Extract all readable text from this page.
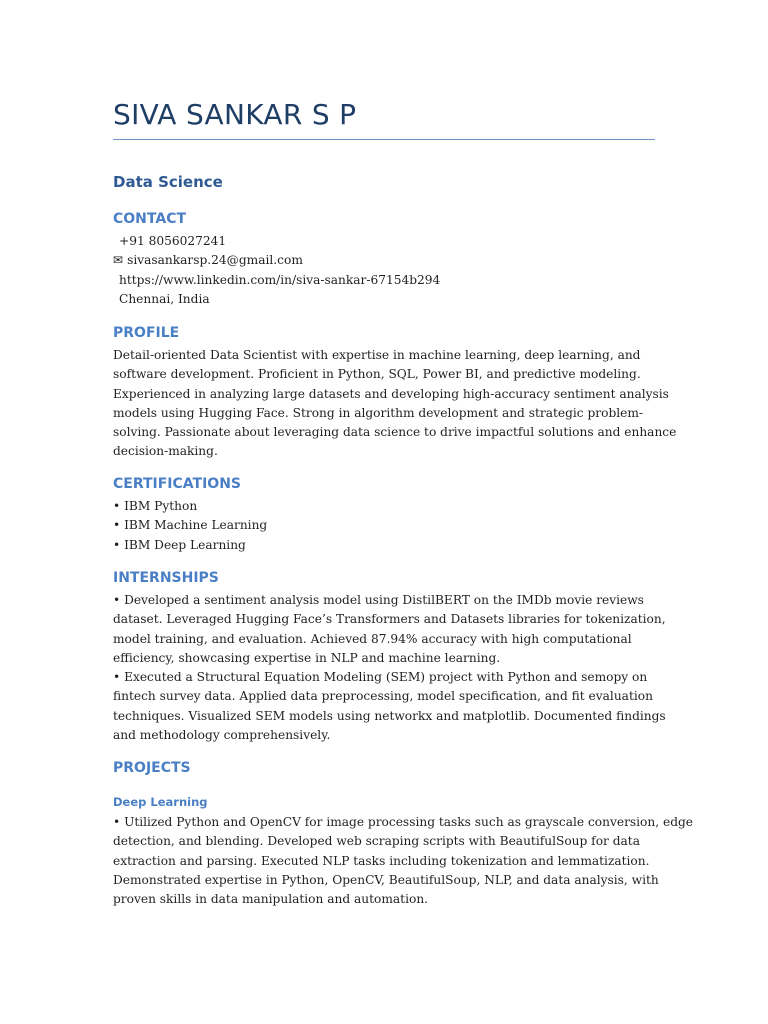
SIVA SANKAR S P
Data Science
CONTACT
+91 8056027241
✉ sivasankarsp.24@gmail.com
https://www.linkedin.com/in/siva-sankar-67154b294
Chennai, India
PROFILE
Detail-oriented Data Scientist with expertise in machine learning, deep learning, and
software development. Proficient in Python, SQL, Power BI, and predictive modeling.
Experienced in analyzing large datasets and developing high-accuracy sentiment analysis
models using Hugging Face. Strong in algorithm development and strategic problem-
solving. Passionate about leveraging data science to drive impactful solutions and enhance
decision-making.
CERTIFICATIONS
• IBM Python
• IBM Machine Learning
• IBM Deep Learning
INTERNSHIPS
• Developed a sentiment analysis model using DistilBERT on the IMDb movie reviews
dataset. Leveraged Hugging Face’s Transformers and Datasets libraries for tokenization,
model training, and evaluation. Achieved 87.94% accuracy with high computational
efficiency, showcasing expertise in NLP and machine learning.
• Executed a Structural Equation Modeling (SEM) project with Python and semopy on
fintech survey data. Applied data preprocessing, model specification, and fit evaluation
techniques. Visualized SEM models using networkx and matplotlib. Documented findings
and methodology comprehensively.
PROJECTS
Deep Learning
• Utilized Python and OpenCV for image processing tasks such as grayscale conversion, edge
detection, and blending. Developed web scraping scripts with BeautifulSoup for data
extraction and parsing. Executed NLP tasks including tokenization and lemmatization.
Demonstrated expertise in Python, OpenCV, BeautifulSoup, NLP, and data analysis, with
proven skills in data manipulation and automation.
